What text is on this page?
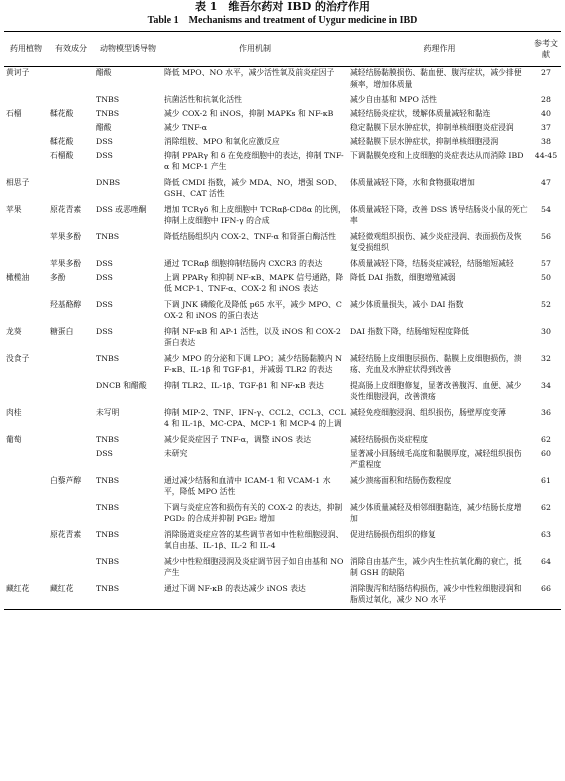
表 1　维吾尔药对 IBD 的治疗作用
Table 1　Mechanisms and treatment of Uygur medicine in IBD
药用植物	有效成分	动物模型诱导物	作用机制	药理作用	参考文献
黄诃子		醋酸	降低 MPO、NO 水平，减少活性氧及前炎症因子	减轻结肠黏膜损伤、黏血便、腹泻症状，减少排便频率，增加体质量	27
		TNBS	抗菌活性和抗氧化活性	减少自由基和 MPO 活性	28
石榴	鞣花酸	TNBS	减少 COX-2 和 iNOS，抑制 MAPKs 和 NF-κB	减轻结肠炎症状，缓解体质量减轻和黏连	40
		醋酸	减少 TNF-α	稳定黏膜下层水肿症状，抑制单核细胞炎症浸润	37
	鞣花酸	DSS	消除组胺、MPO 和氧化应激反应	减轻黏膜下层水肿症状，抑制单核细胞浸润	38
	石榴酸	DSS	抑制 PPARγ 和 δ 在免疫细胞中的表达，抑制 TNF-α 和 MCP-1 产生	下调黏膜免疫和上皮细胞的炎症表达从而消除 IBD	44-45
相思子		DNBS	降低 CMDI 指数，减少 MDA、NO，增强 SOD、GSH、CAT 活性	体质量减轻下降，水和食物摄取增加	47
苹果	原花青素	DSS 或恶唑酮	增加 TCRγδ 和上皮细胞中 TCRαβ-CD8α 的比例，抑制上皮细胞中 IFN-γ 的合成	体质量减轻下降，改善 DSS 诱导结肠炎小鼠的死亡率	54
	苹果多酚	TNBS	降低结肠组织内 COX-2、TNF-α 和肾蛋白酶活性	减轻微观组织损伤、减少炎症浸润、表面损伤及恢复受损组织	56
	苹果多酚	DSS	通过 TCRαβ 细胞抑制结肠内 CXCR3 的表达	体质量减轻下降，结肠炎症减轻，结肠缩短减轻	57
橄榄油	多酚	DSS	上调 PPARγ 和抑制 NF-κB、MAPK 信号通路，降低 MCP-1、TNF-α、COX-2 和 iNOS 表达	降低 DAI 指数，细胞增殖减弱	50
	羟基酪醇	DSS	下调 JNK 磷酸化及降低 p65 水平，减少 MPO、COX-2 和 iNOS 的蛋白表达	减少体质量损失，减小 DAI 指数	52
龙葵	糖蛋白	DSS	抑制 NF-κB 和 AP-1 活性，以及 iNOS 和 COX-2 蛋白表达	DAI 指数下降，结肠缩短程度降低	30
没食子		TNBS	减少 MPO 的分泌和下调 LPO；减少结肠黏膜内 NF-κB、IL-1β 和 TGF-β1，并减弱 TLR2 的表达	减轻结肠上皮细胞层损伤、黏膜上皮细胞损伤，溃疡、充血及水肿症状得到改善	32
		DNCB 和醋酸	抑制 TLR2、IL-1β、TGF-β1 和 NF-κB 表达	提高肠上皮细胞修复，显著改善腹泻、血便、减少炎性细胞浸润，改善溃疡	34
肉桂		未写明	抑制 MIP-2、TNF、IFN-γ、CCL2、CCL3、CCL4 和 IL-1β、MC-CPA、MCP-1 和 MCP-4 的上调	减轻免疫细胞浸润、组织损伤，肠壁厚度变薄	36
葡萄		TNBS	减少促炎症因子 TNF-α，调整 iNOS 表达	减轻结肠损伤炎症程度	62
		DSS	未研究	显著减小回肠绒毛高度和黏膜厚度，减轻组织损伤严重程度	60
	白藜芦醇	TNBS	通过减少结肠和血清中 ICAM-1 和 VCAM-1 水平，降低 MPO 活性	减少溃疡面积和结肠伤数程度	61
		TNBS	下调与炎症应答和损伤有关的 COX-2 的表达，抑制 PGD₂ 的合成并抑制 PGE₂ 增加	减少体质量减轻及相邻细胞黏连，减少结肠长度增加	62
	原花青素	TNBS	消除肠道炎症应答的某些调节者如中性粒细胞浸润、氧自由基、IL-1β、IL-2 和 IL-4	促进结肠损伤组织的修复	63
		TNBS	减少中性粒细胞浸润及炎症调节因子如自由基和 NO 产生	消除自由基产生，减少内生性抗氧化酶的衰亡，抵制 GSH 的缺陷	64
藏红花	藏红花	TNBS	通过下调 NF-κB 的表达减少 iNOS 表达	消除腹泻和结肠结构损伤，减少中性粒细胞浸润和脂质过氧化，减少 NO 水平	66
